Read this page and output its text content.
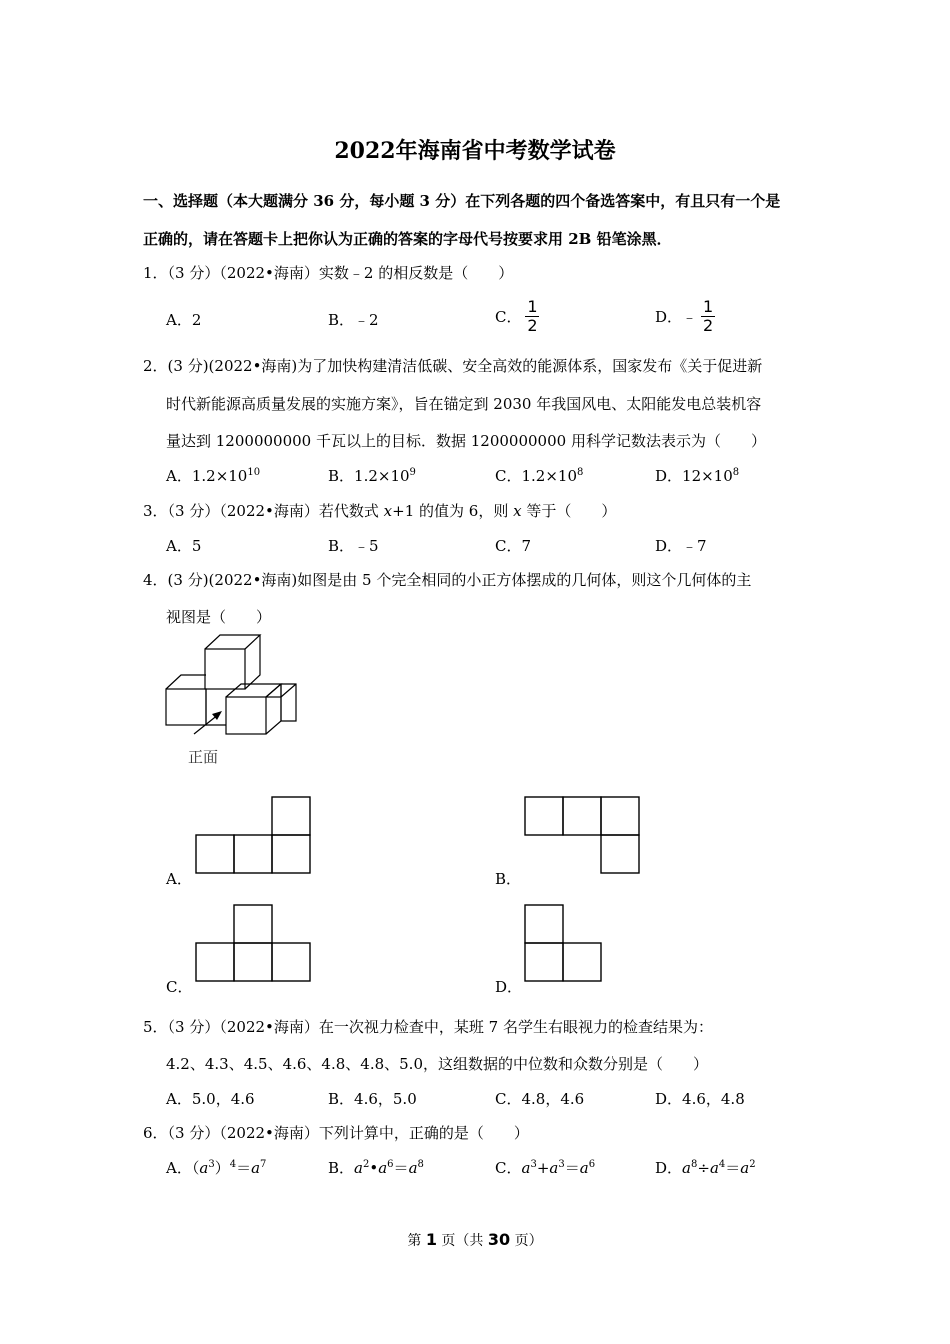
2022年海南省中考数学试卷
一、选择题（本大题满分 36 分，每小题 3 分）在下列各题的四个备选答案中，有且只有一个是
正确的，请在答题卡上把你认为正确的答案的字母代号按要求用 2B 铅笔涂黑．
1．（3 分）（2022•海南）实数﹣2 的相反数是（　　）
A．2	B．﹣2	C． $\frac{1}{2}$	D．﹣ $\frac{1}{2}$
2．(3 分)(2022•海南)为了加快构建清洁低碳、安全高效的能源体系，国家发布《关于促进新
时代新能源高质量发展的实施方案》，旨在锚定到 2030 年我国风电、太阳能发电总装机容
量达到 1200000000 千瓦以上的目标．数据 1200000000 用科学记数法表示为（　　）
A．$1.2\times 10^{10}$	B．$1.2\times 10^9$	C．$1.2\times 10^8$	D．$12\times 10^8$
3．（3 分）（2022•海南）若代数式 x+1 的值为 6，则 x 等于（　　）
A．5	B．﹣5	C．7	D．﹣7
4．(3 分)(2022•海南)如图是由 5 个完全相同的小正方体摆成的几何体，则这个几何体的主
视图是（　　）
正面
A．	B．
C．	D．
5．（3 分）（2022•海南）在一次视力检查中，某班 7 名学生右眼视力的检查结果为：
4.2、4.3、4.5、4.6、4.8、4.8、5.0，这组数据的中位数和众数分别是（　　）
A．5.0，4.6	B．4.6，5.0	C．4.8，4.6	D．4.6，4.8
6．（3 分）（2022•海南）下列计算中，正确的是（　　）
A．$(a^3)^4=a^7$	B．$a^2•a^6=a^8$	C．$a^3+a^3=a^6$	D．$a^8\div a^4=a^2$
第 1 页（共 30 页）
